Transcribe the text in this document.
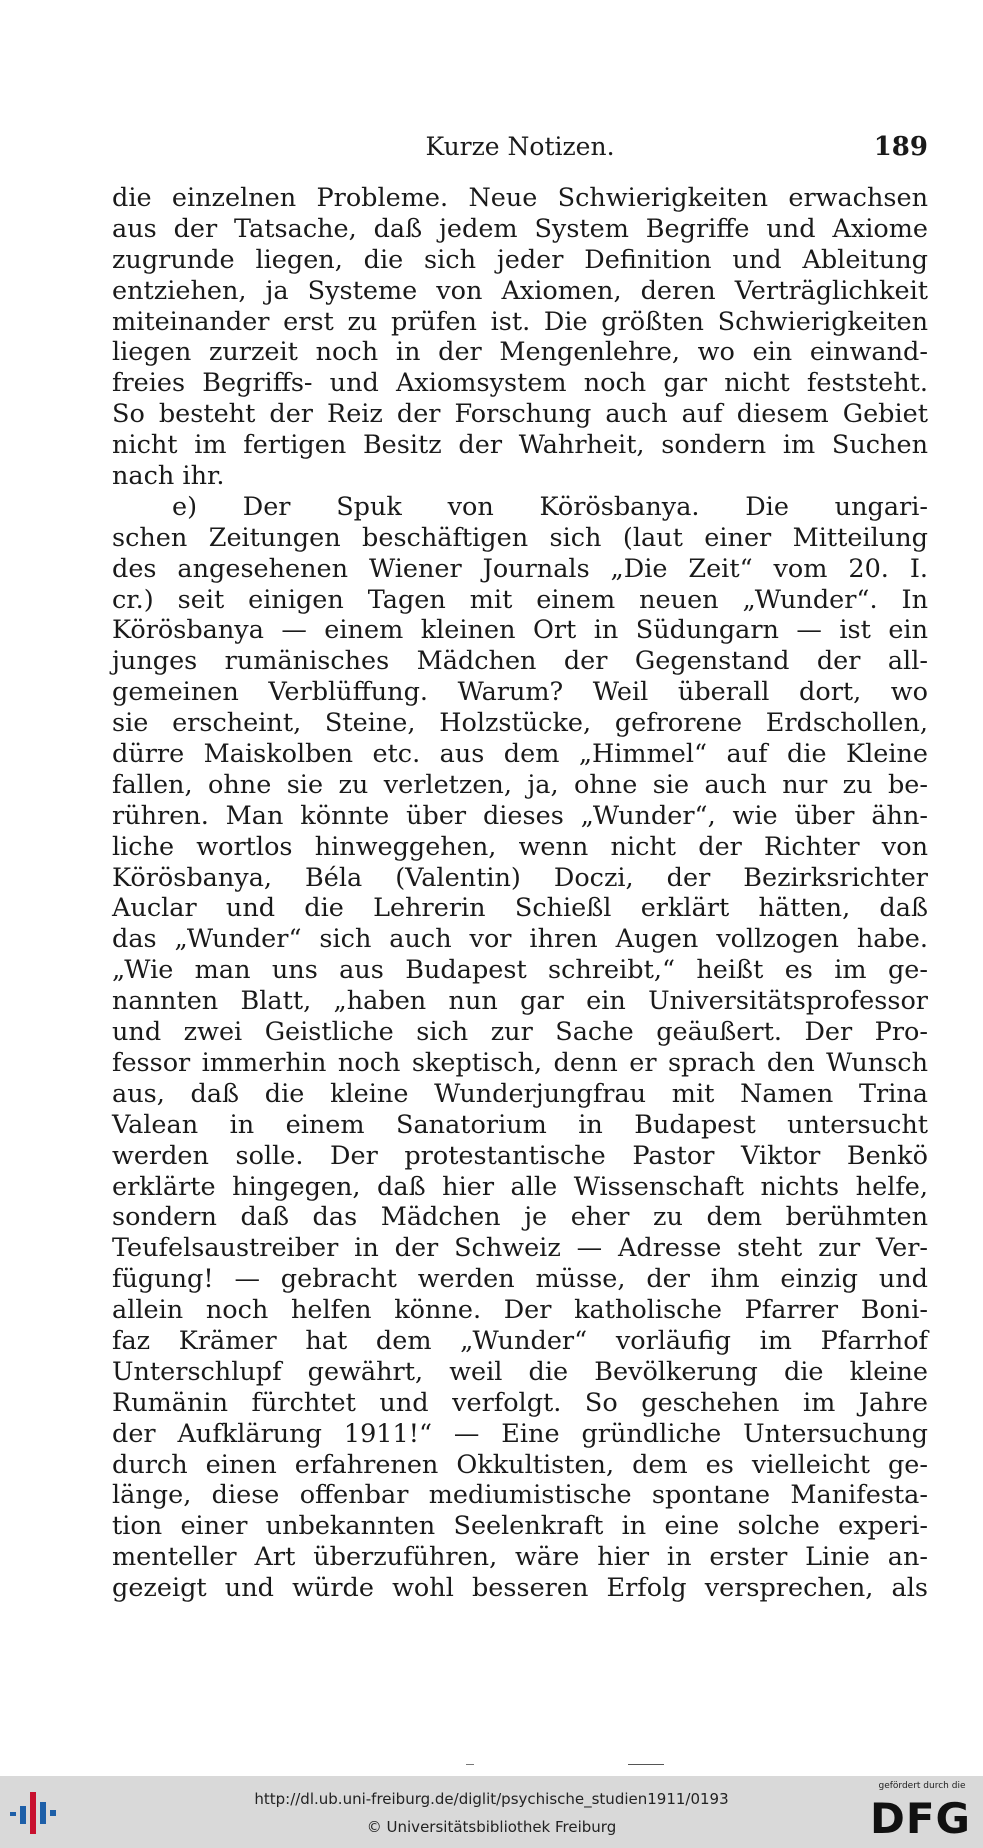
Kurze Notizen.	189
die einzelnen Probleme. Neue Schwierigkeiten erwachsen
aus der Tatsache, daß jedem System Begriffe und Axiome
zugrunde liegen, die sich jeder Definition und Ableitung
entziehen, ja Systeme von Axiomen, deren Verträglichkeit
miteinander erst zu prüfen ist. Die größten Schwierigkeiten
liegen zurzeit noch in der Mengenlehre, wo ein einwand-
freies Begriffs- und Axiomsystem noch gar nicht feststeht.
So besteht der Reiz der Forschung auch auf diesem Gebiet
nicht im fertigen Besitz der Wahrheit, sondern im Suchen
nach ihr.
e) Der Spuk von Körösbanya. Die ungari-
schen Zeitungen beschäftigen sich (laut einer Mitteilung
des angesehenen Wiener Journals „Die Zeit“ vom 20. I.
cr.) seit einigen Tagen mit einem neuen „Wunder“. In
Körösbanya — einem kleinen Ort in Südungarn — ist ein
junges rumänisches Mädchen der Gegenstand der all-
gemeinen Verblüffung. Warum? Weil überall dort, wo
sie erscheint, Steine, Holzstücke, gefrorene Erdschollen,
dürre Maiskolben etc. aus dem „Himmel“ auf die Kleine
fallen, ohne sie zu verletzen, ja, ohne sie auch nur zu be-
rühren. Man könnte über dieses „Wunder“, wie über ähn-
liche wortlos hinweggehen, wenn nicht der Richter von
Körösbanya, Béla (Valentin) Doczi, der Bezirksrichter
Auclar und die Lehrerin Schießl erklärt hätten, daß
das „Wunder“ sich auch vor ihren Augen vollzogen habe.
„Wie man uns aus Budapest schreibt,“ heißt es im ge-
nannten Blatt, „haben nun gar ein Universitätsprofessor
und zwei Geistliche sich zur Sache geäußert. Der Pro-
fessor immerhin noch skeptisch, denn er sprach den Wunsch
aus, daß die kleine Wunderjungfrau mit Namen Trina
Valean in einem Sanatorium in Budapest untersucht
werden solle. Der protestantische Pastor Viktor Benkö
erklärte hingegen, daß hier alle Wissenschaft nichts helfe,
sondern daß das Mädchen je eher zu dem berühmten
Teufelsaustreiber in der Schweiz — Adresse steht zur Ver-
fügung! — gebracht werden müsse, der ihm einzig und
allein noch helfen könne. Der katholische Pfarrer Boni-
faz Krämer hat dem „Wunder“ vorläufig im Pfarrhof
Unterschlupf gewährt, weil die Bevölkerung die kleine
Rumänin fürchtet und verfolgt. So geschehen im Jahre
der Aufklärung 1911!“ — Eine gründliche Untersuchung
durch einen erfahrenen Okkultisten, dem es vielleicht ge-
länge, diese offenbar mediumistische spontane Manifesta-
tion einer unbekannten Seelenkraft in eine solche experi-
menteller Art überzuführen, wäre hier in erster Linie an-
gezeigt und würde wohl besseren Erfolg versprechen, als
http://dl.ub.uni-freiburg.de/diglit/psychische_studien1911/0193
© Universitätsbibliothek Freiburg
gefördert durch die
DFG
